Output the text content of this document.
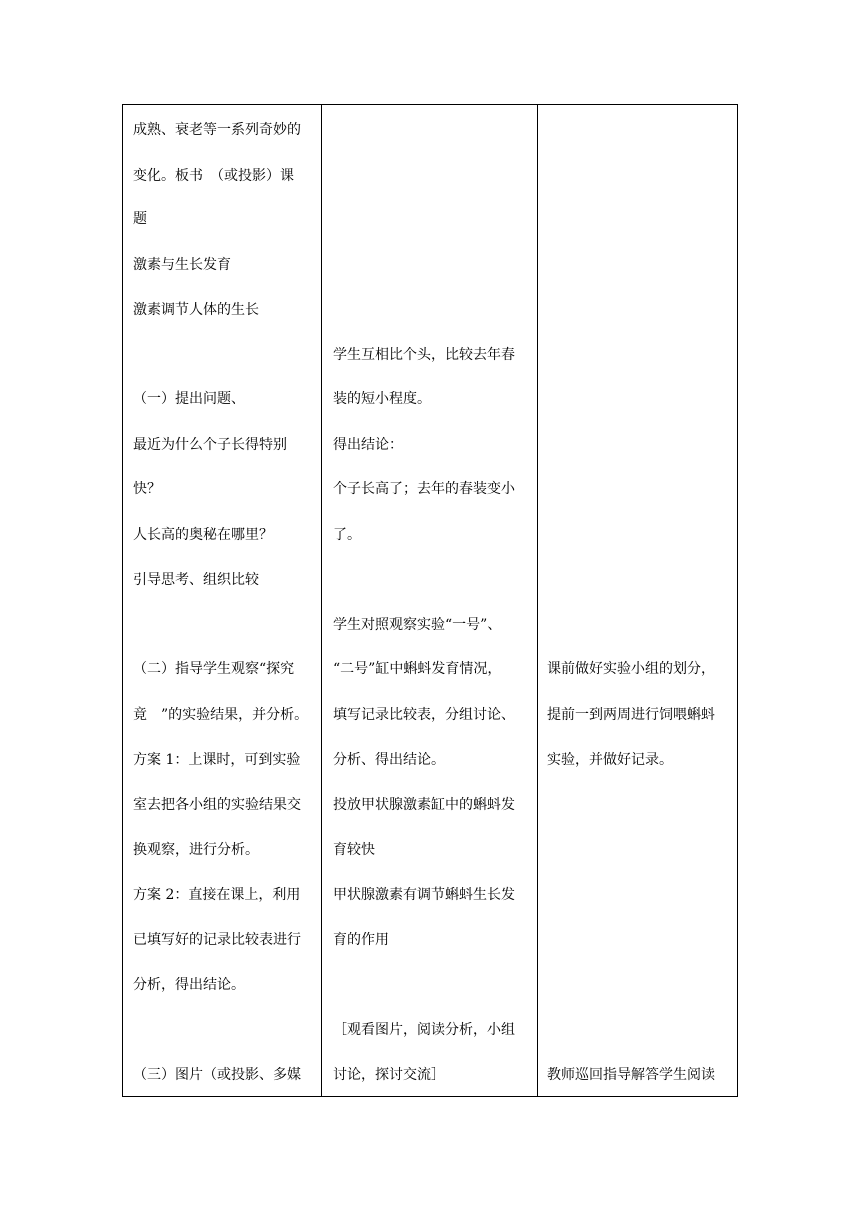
成熟、衰老等一系列奇妙的
变化。板书　（或投影）课
题
激素与生长发育
激素调节人体的生长
（一）提出问题、
最近为什么个子长得特别
快？
人长高的奥秘在哪里？
引导思考、组织比较
（二）指导学生观察“探究
竟　”的实验结果，并分析。
方案 1：上课时，可到实验
室去把各小组的实验结果交
换观察，进行分析。
方案 2：直接在课上，利用
已填写好的记录比较表进行
分析，得出结论。
（三）图片（或投影、多媒
学生互相比个头，比较去年春
装的短小程度。
得出结论：
个子长高了；去年的春装变小
了。
学生对照观察实验“一号”、
“二号”缸中蝌蚪发育情况，
填写记录比较表，分组讨论、
分析、得出结论。
投放甲状腺激素缸中的蝌蚪发
育较快
甲状腺激素有调节蝌蚪生长发
育的作用
［观看图片，阅读分析，小组
讨论，探讨交流］
课前做好实验小组的划分，
提前一到两周进行饲喂蝌蚪
实验，并做好记录。
教师巡回指导解答学生阅读
